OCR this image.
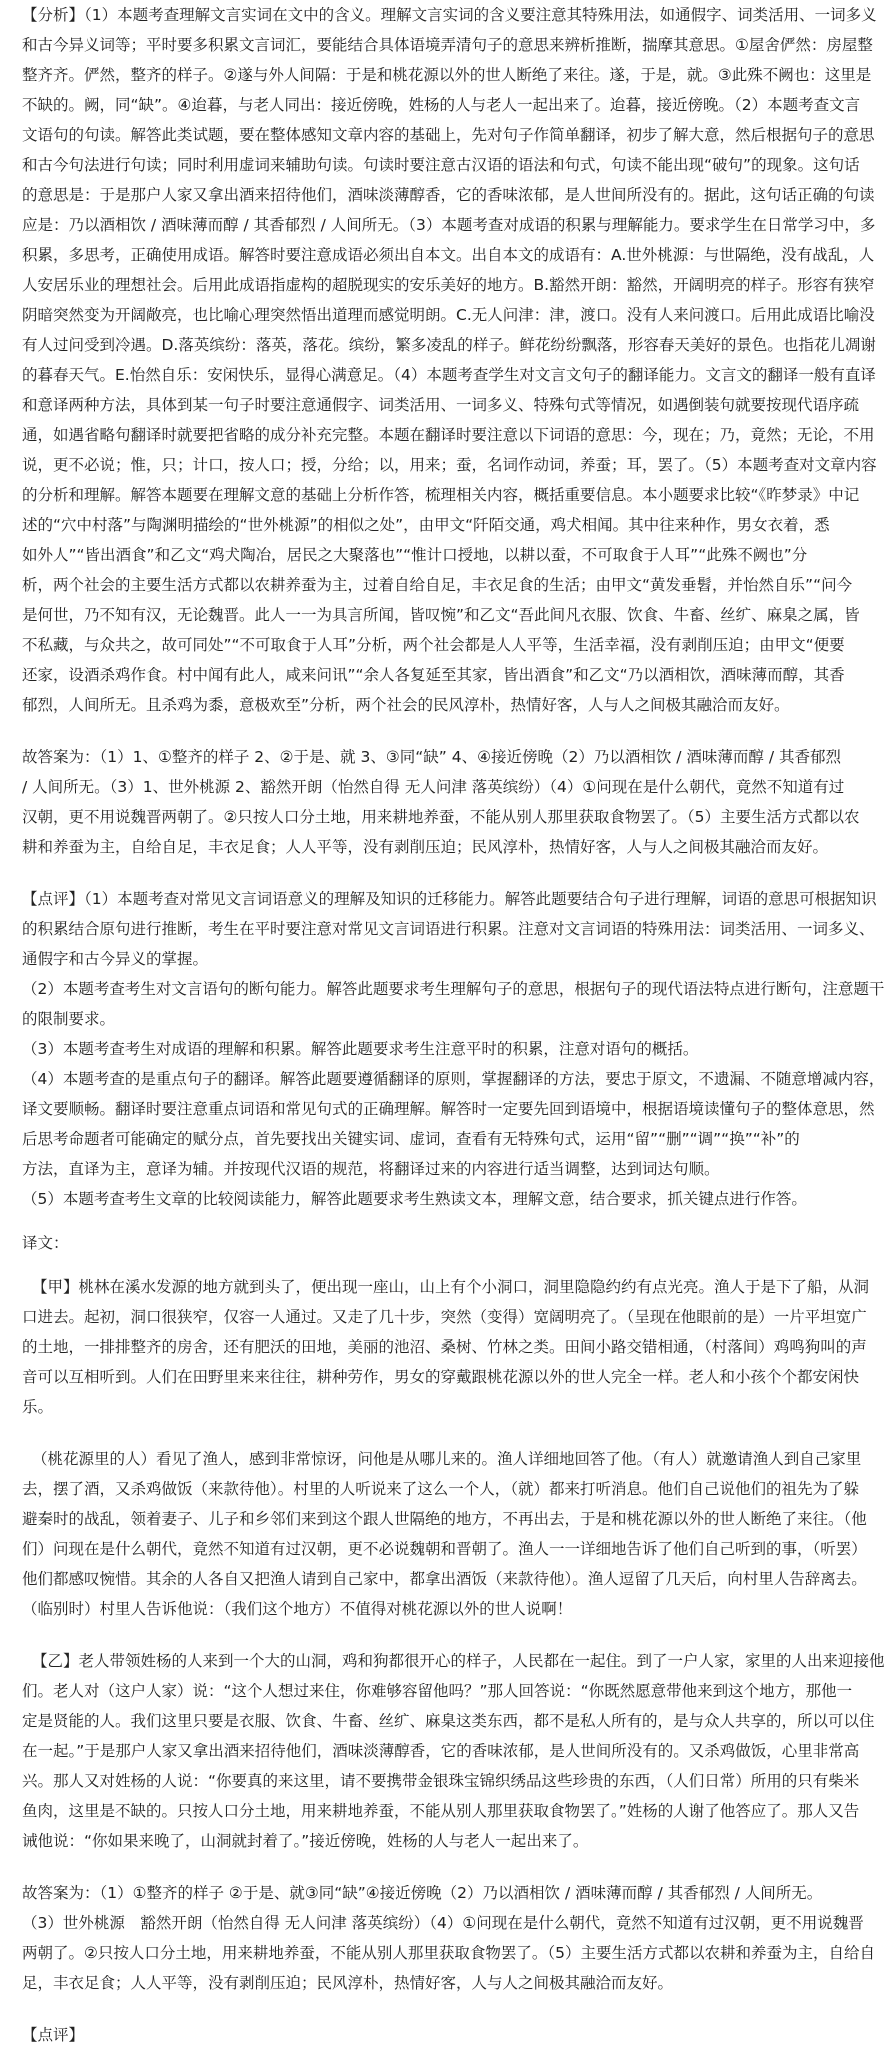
【分析】（1）本题考查理解文言实词在文中的含义。理解文言实词的含义要注意其特殊用法，如通假字、词类活用、一词多义
和古今异义词等；平时要多积累文言词汇，要能结合具体语境弄清句子的意思来辨析推断，揣摩其意思。①屋舍俨然：房屋整
整齐齐。俨然，整齐的样子。②遂与外人间隔：于是和桃花源以外的世人断绝了来往。遂，于是，就。③此殊不阙也：这里是
不缺的。阙，同“缺”。④迨暮，与老人同出：接近傍晚，姓杨的人与老人一起出来了。迨暮，接近傍晚。（2）本题考查文言
文语句的句读。解答此类试题，要在整体感知文章内容的基础上，先对句子作简单翻译，初步了解大意，然后根据句子的意思
和古今句法进行句读；同时利用虚词来辅助句读。句读时要注意古汉语的语法和句式，句读不能出现“破句”的现象。这句话
的意思是：于是那户人家又拿出酒来招待他们，酒味淡薄醇香，它的香味浓郁，是人世间所没有的。据此，这句话正确的句读
应是：乃以酒相饮 / 酒味薄而醇 / 其香郁烈 / 人间所无。（3）本题考查对成语的积累与理解能力。要求学生在日常学习中，多
积累，多思考，正确使用成语。解答时要注意成语必须出自本文。出自本文的成语有：A.世外桃源：与世隔绝，没有战乱，人
人安居乐业的理想社会。后用此成语指虚构的超脱现实的安乐美好的地方。B.豁然开朗：豁然，开阔明亮的样子。形容有狭窄
阴暗突然变为开阔敞亮，也比喻心理突然悟出道理而感觉明朗。C.无人问津：津，渡口。没有人来问渡口。后用此成语比喻没
有人过问受到冷遇。D.落英缤纷：落英，落花。缤纷，繁多凌乱的样子。鲜花纷纷飘落，形容春天美好的景色。也指花儿凋谢
的暮春天气。E.怡然自乐：安闲快乐，显得心满意足。（4）本题考查学生对文言文句子的翻译能力。文言文的翻译一般有直译
和意译两种方法，具体到某一句子时要注意通假字、词类活用、一词多义、特殊句式等情况，如遇倒装句就要按现代语序疏
通，如遇省略句翻译时就要把省略的成分补充完整。本题在翻译时要注意以下词语的意思：今，现在；乃，竟然；无论，不用
说，更不必说；惟，只；计口，按人口；授，分给；以，用来；蚕，名词作动词，养蚕；耳，罢了。（5）本题考查对文章内容
的分析和理解。解答本题要在理解文意的基础上分析作答，梳理相关内容，概括重要信息。本小题要求比较“《昨梦录》中记
述的“穴中村落”与陶渊明描绘的“世外桃源”的相似之处”，由甲文“阡陌交通，鸡犬相闻。其中往来种作，男女衣着，悉
如外人”“皆出酒食”和乙文“鸡犬陶冶，居民之大聚落也”“惟计口授地，以耕以蚕，不可取食于人耳”“此殊不阙也”分
析，两个社会的主要生活方式都以农耕养蚕为主，过着自给自足，丰衣足食的生活；由甲文“黄发垂髫，并怡然自乐”“问今
是何世，乃不知有汉，无论魏晋。此人一一为具言所闻，皆叹惋”和乙文“吾此间凡衣服、饮食、牛畜、丝纩、麻臬之属，皆
不私藏，与众共之，故可同处”“不可取食于人耳”分析，两个社会都是人人平等，生活幸福，没有剥削压迫；由甲文“便要
还家，设酒杀鸡作食。村中闻有此人，咸来问讯”“余人各复延至其家，皆出酒食”和乙文“乃以酒相饮，酒味薄而醇，其香
郁烈，人间所无。且杀鸡为黍，意极欢至”分析，两个社会的民风淳朴，热情好客，人与人之间极其融洽而友好。
故答案为：（1）1、①整齐的样子 2、②于是、就 3、③同“缺” 4、④接近傍晚（2）乃以酒相饮 / 酒味薄而醇 / 其香郁烈
/ 人间所无。（3）1、世外桃源 2、豁然开朗（怡然自得 无人问津 落英缤纷）（4）①问现在是什么朝代，竟然不知道有过
汉朝，更不用说魏晋两朝了。②只按人口分土地，用来耕地养蚕，不能从别人那里获取食物罢了。（5）主要生活方式都以农
耕和养蚕为主，自给自足，丰衣足食；人人平等，没有剥削压迫；民风淳朴，热情好客，人与人之间极其融洽而友好。
【点评】（1）本题考查对常见文言词语意义的理解及知识的迁移能力。解答此题要结合句子进行理解，词语的意思可根据知识
的积累结合原句进行推断，考生在平时要注意对常见文言词语进行积累。注意对文言词语的特殊用法：词类活用、一词多义、
通假字和古今异义的掌握。
（2）本题考查考生对文言语句的断句能力。解答此题要求考生理解句子的意思，根据句子的现代语法特点进行断句，注意题干
的限制要求。
（3）本题考查考生对成语的理解和积累。解答此题要求考生注意平时的积累，注意对语句的概括。
（4）本题考查的是重点句子的翻译。解答此题要遵循翻译的原则，掌握翻译的方法，要忠于原文，不遗漏、不随意增减内容，
译文要顺畅。翻译时要注意重点词语和常见句式的正确理解。解答时一定要先回到语境中，根据语境读懂句子的整体意思，然
后思考命题者可能确定的赋分点，首先要找出关键实词、虚词，查看有无特殊句式，运用“留”“删”“调”“换”“补”的
方法，直译为主，意译为辅。并按现代汉语的规范，将翻译过来的内容进行适当调整，达到词达句顺。
（5）本题考查考生文章的比较阅读能力，解答此题要求考生熟读文本，理解文意，结合要求，抓关键点进行作答。
译文：
【甲】桃林在溪水发源的地方就到头了，便出现一座山，山上有个小洞口，洞里隐隐约约有点光亮。渔人于是下了船，从洞
口进去。起初，洞口很狭窄，仅容一人通过。又走了几十步，突然（变得）宽阔明亮了。（呈现在他眼前的是）一片平坦宽广
的土地，一排排整齐的房舍，还有肥沃的田地，美丽的池沼、桑树、竹林之类。田间小路交错相通，（村落间）鸡鸣狗叫的声
音可以互相听到。人们在田野里来来往往，耕种劳作，男女的穿戴跟桃花源以外的世人完全一样。老人和小孩个个都安闲快
乐。
（桃花源里的人）看见了渔人，感到非常惊讶，问他是从哪儿来的。渔人详细地回答了他。（有人）就邀请渔人到自己家里
去，摆了酒，又杀鸡做饭（来款待他）。村里的人听说来了这么一个人，（就）都来打听消息。他们自己说他们的祖先为了躲
避秦时的战乱，领着妻子、儿子和乡邻们来到这个跟人世隔绝的地方，不再出去，于是和桃花源以外的世人断绝了来往。（他
们）问现在是什么朝代，竟然不知道有过汉朝，更不必说魏朝和晋朝了。渔人一一详细地告诉了他们自己听到的事，（听罢）
他们都感叹惋惜。其余的人各自又把渔人请到自己家中，都拿出酒饭（来款待他）。渔人逗留了几天后，向村里人告辞离去。
（临别时）村里人告诉他说：（我们这个地方）不值得对桃花源以外的世人说啊！
【乙】老人带领姓杨的人来到一个大的山洞，鸡和狗都很开心的样子，人民都在一起住。到了一户人家，家里的人出来迎接他
们。老人对（这户人家）说：“这个人想过来住，你难够容留他吗？”那人回答说：“你既然愿意带他来到这个地方，那他一
定是贤能的人。我们这里只要是衣服、饮食、牛畜、丝纩、麻臬这类东西，都不是私人所有的，是与众人共享的，所以可以住
在一起。”于是那户人家又拿出酒来招待他们，酒味淡薄醇香，它的香味浓郁，是人世间所没有的。又杀鸡做饭，心里非常高
兴。那人又对姓杨的人说：“你要真的来这里，请不要携带金银珠宝锦织绣品这些珍贵的东西，（人们日常）所用的只有柴米
鱼肉，这里是不缺的。只按人口分土地，用来耕地养蚕，不能从别人那里获取食物罢了。”姓杨的人谢了他答应了。那人又告
诫他说：“你如果来晚了，山洞就封着了。”接近傍晚，姓杨的人与老人一起出来了。
故答案为：（1）①整齐的样子 ②于是、就③同“缺”④接近傍晚（2）乃以酒相饮 / 酒味薄而醇 / 其香郁烈 / 人间所无。
（3）世外桃源　豁然开朗（怡然自得 无人问津 落英缤纷）（4）①问现在是什么朝代，竟然不知道有过汉朝，更不用说魏晋
两朝了。②只按人口分土地，用来耕地养蚕，不能从别人那里获取食物罢了。（5）主要生活方式都以农耕和养蚕为主，自给自
足，丰衣足食；人人平等，没有剥削压迫；民风淳朴，热情好客，人与人之间极其融洽而友好。
【点评】
